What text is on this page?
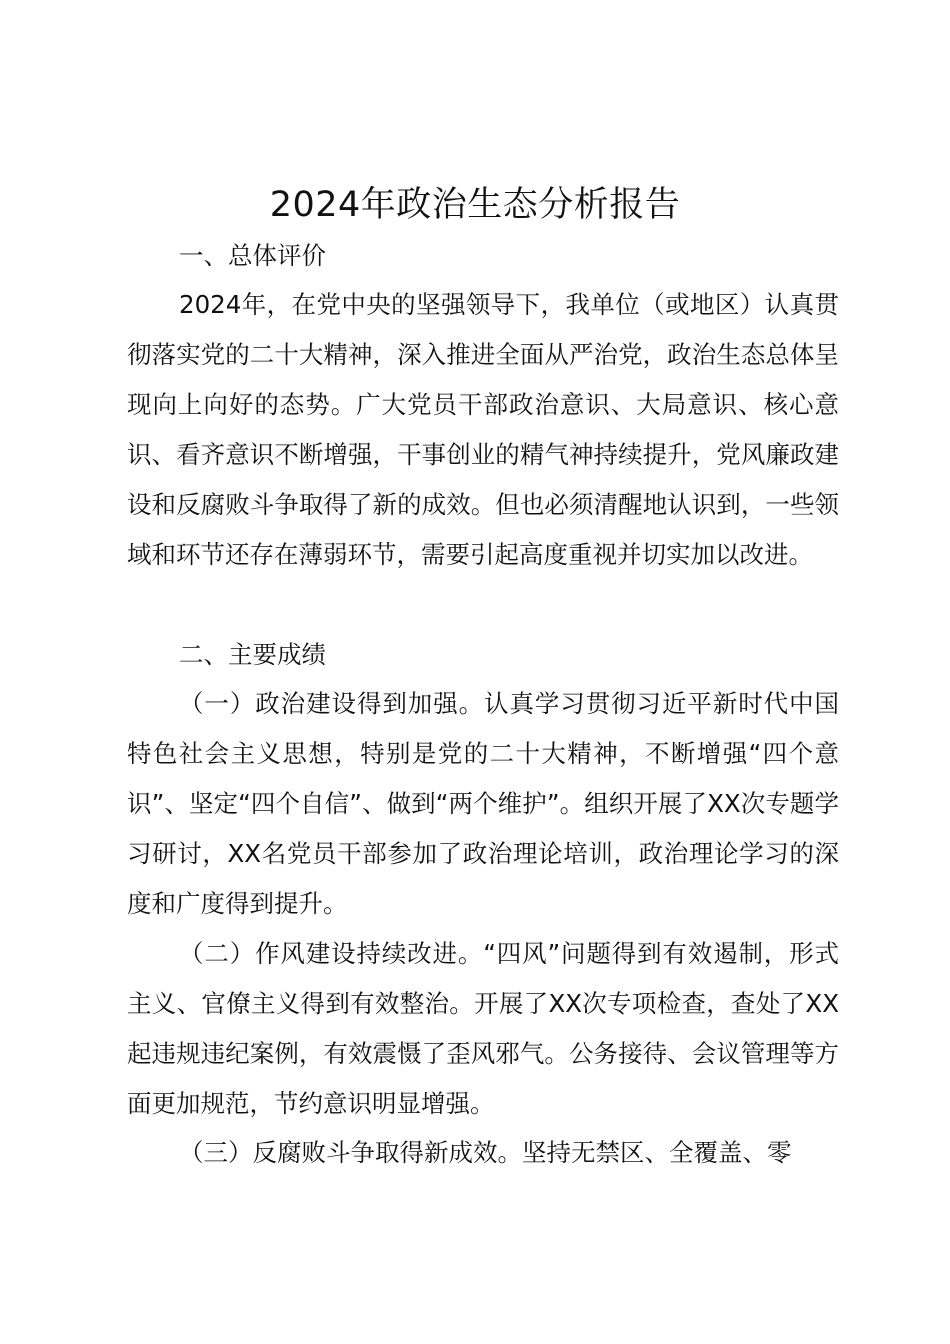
2024年政治生态分析报告

一、总体评价

2024年，在党中央的坚强领导下，我单位（或地区）认真贯彻落实党的二十大精神，深入推进全面从严治党，政治生态总体呈现向上向好的态势。广大党员干部政治意识、大局意识、核心意识、看齐意识不断增强，干事创业的精气神持续提升，党风廉政建设和反腐败斗争取得了新的成效。但也必须清醒地认识到，一些领域和环节还存在薄弱环节，需要引起高度重视并切实加以改进。

二、主要成绩

（一）政治建设得到加强。认真学习贯彻习近平新时代中国特色社会主义思想，特别是党的二十大精神，不断增强“四个意识”、坚定“四个自信”、做到“两个维护”。组织开展了XX次专题学习研讨，XX名党员干部参加了政治理论培训，政治理论学习的深度和广度得到提升。

（二）作风建设持续改进。“四风”问题得到有效遏制，形式主义、官僚主义得到有效整治。开展了XX次专项检查，查处了XX起违规违纪案例，有效震慑了歪风邪气。公务接待、会议管理等方面更加规范，节约意识明显增强。

（三）反腐败斗争取得新成效。坚持无禁区、全覆盖、零
